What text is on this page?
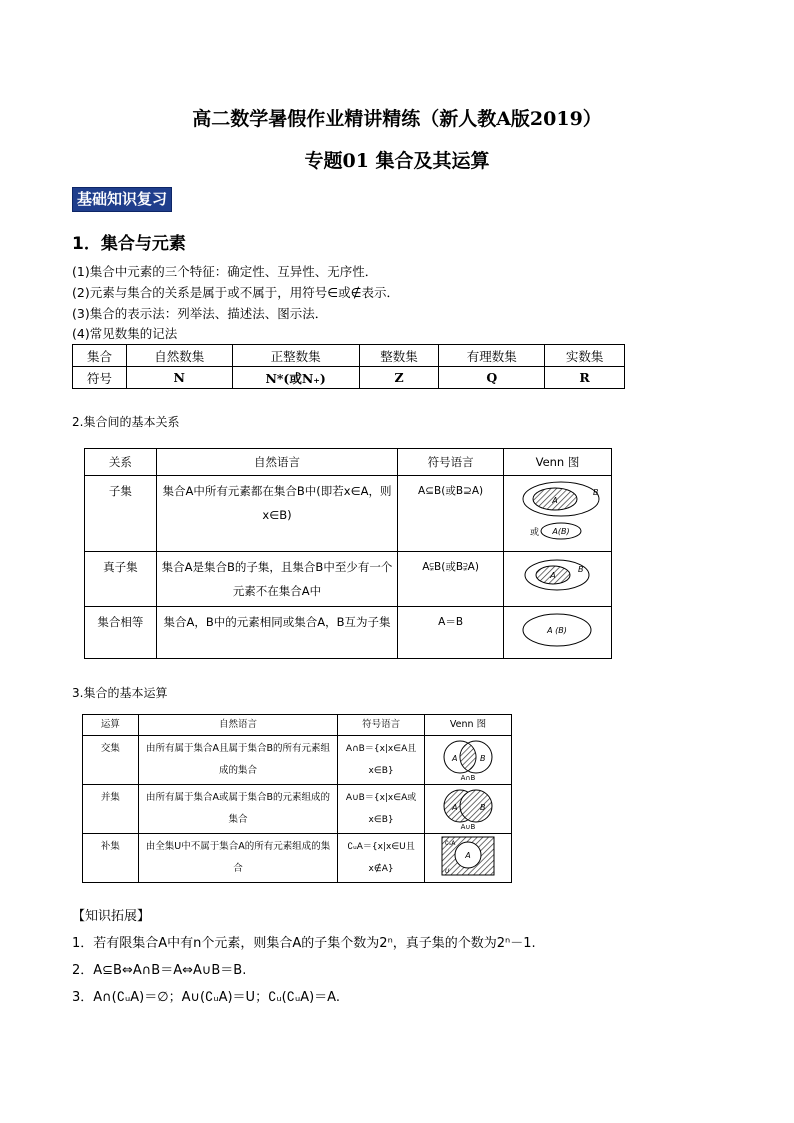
高二数学暑假作业精讲精练（新人教A版2019）
专题01 集合及其运算
基础知识复习
1．集合与元素
(1)集合中元素的三个特征：确定性、互异性、无序性．
(2)元素与集合的关系是属于或不属于，用符号∈或∉表示．
(3)集合的表示法：列举法、描述法、图示法．
(4)常见数集的记法
集合	自然数集	正整数集	整数集	有理数集	实数集
符号	N	N*(或N₊)	Z	Q	R
2.集合间的基本关系
关系	自然语言	符号语言	Venn 图
子集	集合A中所有元素都在集合B中(即若x∈A，则x∈B)	A⊆B(或B⊇A)	A
B
或 A(B)

真子集	集合A是集合B的子集，且集合B中至少有一个元素不在集合A中	A⫋B(或B⫌A)	A
B

集合相等	集合A，B中的元素相同或集合A，B互为子集	A＝B	A (B)
3.集合的基本运算
运算	自然语言	符号语言	Venn 图
交集	由所有属于集合A且属于集合B的所有元素组成的集合	A∩B＝{x|x∈A且x∈B}	A B
A∩B

并集	由所有属于集合A或属于集合B的元素组成的集合	A∪B＝{x|x∈A或x∈B}	A B
A∪B

补集	由全集U中不属于集合A的所有元素组成的集合	∁ᵤA＝{x|x∈U且x∉A}	A
∁ᵤA
U
【知识拓展】
1．若有限集合A中有n个元素，则集合A的子集个数为2ⁿ，真子集的个数为2ⁿ－1.
2．A⊆B⇔A∩B＝A⇔A∪B＝B.
3．A∩(∁ᵤA)＝∅；A∪(∁ᵤA)＝U；∁ᵤ(∁ᵤA)＝A.
